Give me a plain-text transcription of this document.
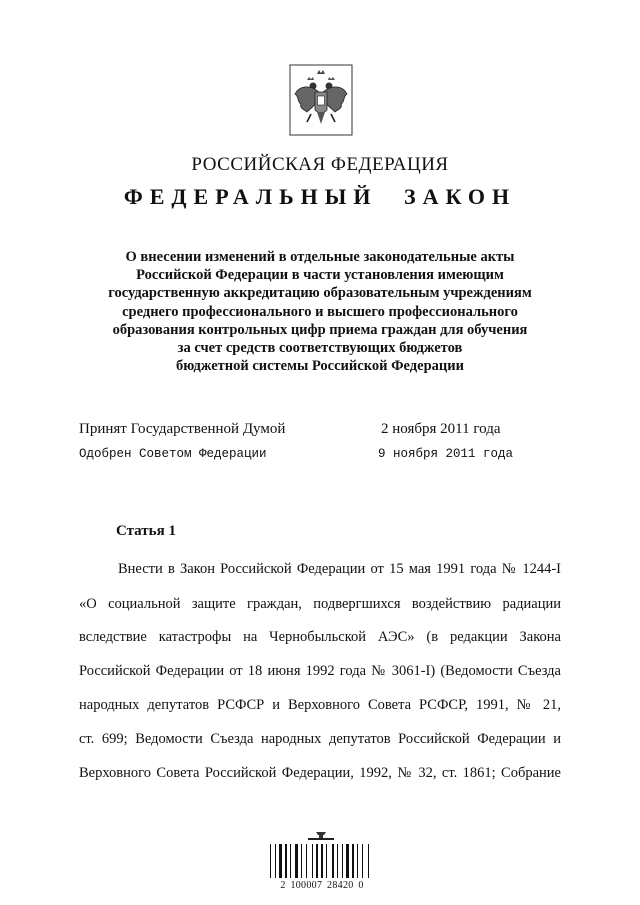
РОССИЙСКАЯ ФЕДЕРАЦИЯ
ФЕДЕРАЛЬНЫЙ ЗАКОН
О внесении изменений в отдельные законодательные акты
Российской Федерации в части установления имеющим
государственную аккредитацию образовательным учреждениям
среднего профессионального и высшего профессионального
образования контрольных цифр приема граждан для обучения
за счет средств соответствующих бюджетов
бюджетной системы Российской Федерации
Принят Государственной Думой	2 ноября 2011 года
Одобрен Советом Федерации	9 ноября 2011 года
Статья 1
Внести в Закон Российской Федерации от 15 мая 1991 года № 1244-I
«О социальной защите граждан, подвергшихся воздействию радиации
вследствие катастрофы на Чернобыльской АЭС» (в редакции Закона
Российской Федерации от 18 июня 1992 года № 3061-I) (Ведомости Съезда
народных депутатов РСФСР и Верховного Совета РСФСР, 1991, № 21,
ст. 699; Ведомости Съезда народных депутатов Российской Федерации и
Верховного Совета Российской Федерации, 1992, № 32, ст. 1861; Собрание
2 100007 28420 0
